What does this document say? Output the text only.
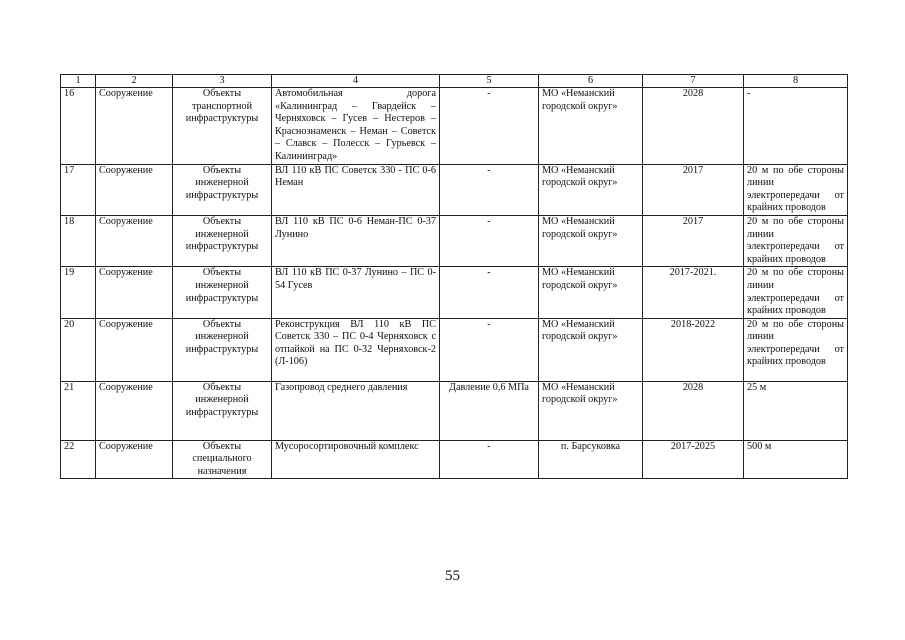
1	2	3	4	5	6	7	8
16	Сооружение	Объекты транспортной инфраструктуры	Автомобильная дорога «Калининград – Гвардейск – Черняховск – Гусев – Нестеров – Краснознаменск – Неман – Советск – Славск – Полесск – Гурьевск – Калининград»	-	МО «Неманский городской округ»	2028	-
17	Сооружение	Объекты инженерной инфраструктуры	ВЛ 110 кВ ПС Советск 330 - ПС 0-6 Неман	-	МО «Неманский городской округ»	2017	20 м по обе стороны линии электропередачи от крайних проводов
18	Сооружение	Объекты инженерной инфраструктуры	ВЛ 110 кВ ПС 0-6 Неман-ПС 0-37 Лунино	-	МО «Неманский городской округ»	2017	20 м по обе стороны линии электропередачи от крайних проводов
19	Сооружение	Объекты инженерной инфраструктуры	ВЛ 110 кВ ПС 0-37 Лунино – ПС 0-54 Гусев	-	МО «Неманский городской округ»	2017-2021.	20 м по обе стороны линии электропередачи от крайних проводов
20	Сооружение	Объекты инженерной инфраструктуры	Реконструкция ВЛ 110 кВ ПС Советск 330 – ПС 0-4 Черняховск с отпайкой на ПС 0-32 Черняховск-2 (Л-106)	-	МО «Неманский городской округ»	2018-2022	20 м по обе стороны линии электропередачи от крайних проводов
21	Сооружение	Объекты инженерной инфраструктуры	Газопровод среднего давления	Давление 0,6 МПа	МО «Неманский городской округ»	2028	25 м
22	Сооружение	Объекты специального назначения	Мусоросортировочный комплекс	-	п. Барсуковка	2017-2025	500 м
55
